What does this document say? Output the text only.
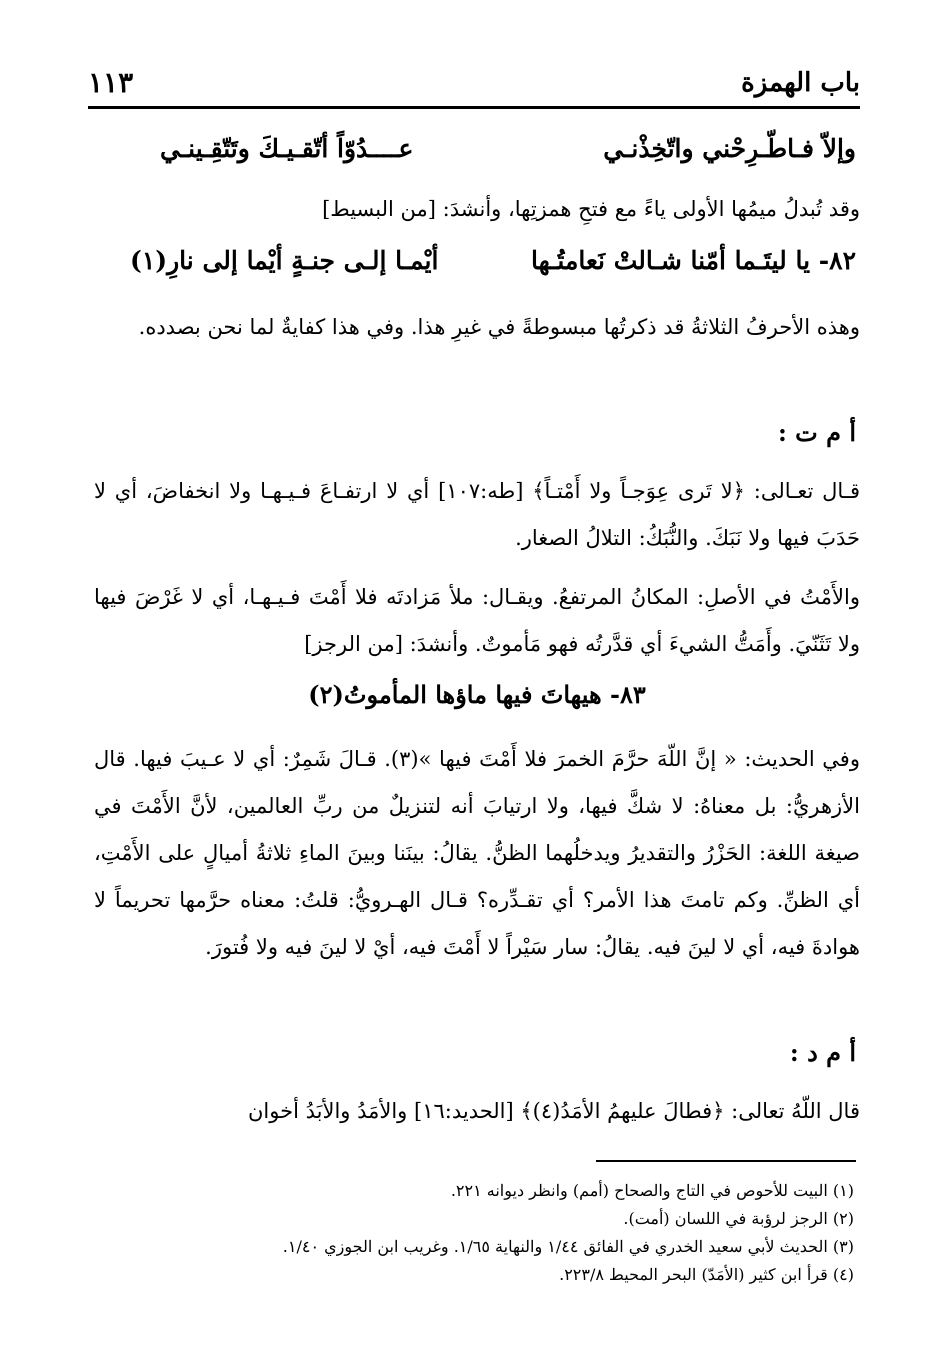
باب الهمزة
١١٣
وإلاّ فـاطّـرِحْني واتّخِذْنـي
عــــدُوّاً أتّقـيـكَ وتَتّقِـينـي
وقد تُبدلُ ميمُها الأولى ياءً مع فتحِ همزتِها، وأنشدَ: [من البسيط]
٨٢- يا ليتَـما أمّنا شـالتْ نَعامتُـها
أيْمـا إلـى جنـةٍ أيْما إلى نارِ(١)
وهذه الأحرفُ الثلاثةُ قد ذكرتُها مبسوطةً في غيرِ هذا. وفي هذا كفايةٌ لما نحن بصدده.
أ م ت :
قـال تعـالى: ﴿لا تَرى عِوَجـاً ولا أَمْتـاً﴾ [طه:١٠٧] أي لا ارتفـاعَ فـيـهـا ولا انخفاضَ، أي لا حَدَبَ فيها ولا نَبَكَ. والنُّبَكُ: التلالُ الصغار.
والأَمْتُ في الأصلِ: المكانُ المرتفعُ. ويقـال: ملأ مَزادتَه فلا أَمْتَ فـيـهـا، أي لا غَرْضَ فيها ولا تَثَنّيَ. وأَمَتُّ الشيءَ أي قدَّرتُه فهو مَأموتٌ. وأنشدَ: [من الرجز]
٨٣- هيهاتَ فيها ماؤها المأموتُ(٢)
وفي الحديث: « إنَّ اللّهَ حرَّمَ الخمرَ فلا أَمْتَ فيها »(٣). قـالَ شَمِرٌ: أي لا عـيبَ فيها. قال الأزهريُّ: بل معناهُ: لا شكَّ فيها، ولا ارتيابَ أنه لتنزيلٌ من ربِّ العالمين، لأنَّ الأَمْتَ في صيغة اللغة: الحَزْرُ والتقديرُ ويدخلُهما الظنُّ. يقالُ: بينَنا وبينَ الماءِ ثلاثةُ أميالٍ على الأَمْتِ، أي الظنِّ. وكم تامتَ هذا الأمر؟ أي تقـدِّره؟ قـال الهـرويُّ: قلتُ: معناه حرَّمها تحريماً لا هوادةَ فيه، أي لا لينَ فيه. يقالُ: سار سَيْراً لا أَمْتَ فيه، أيْ لا لينَ فيه ولا فُتورَ.
أ م د :
قال اللّهُ تعالى: ﴿فطالَ عليهمُ الأمَدُ(٤)﴾ [الحديد:١٦] والأمَدُ والأبَدُ أخوان
(١) البيت للأحوص في التاج والصحاح (أمم) وانظر ديوانه ٢٢١.
(٢) الرجز لرؤبة في اللسان (أمت).
(٣) الحديث لأبي سعيد الخدري في الفائق ١/٤٤ والنهاية ١/٦٥. وغريب ابن الجوزي ١/٤٠.
(٤) قرأ ابن كثير (الأمَدّ) البحر المحيط ٢٢٣/٨.
